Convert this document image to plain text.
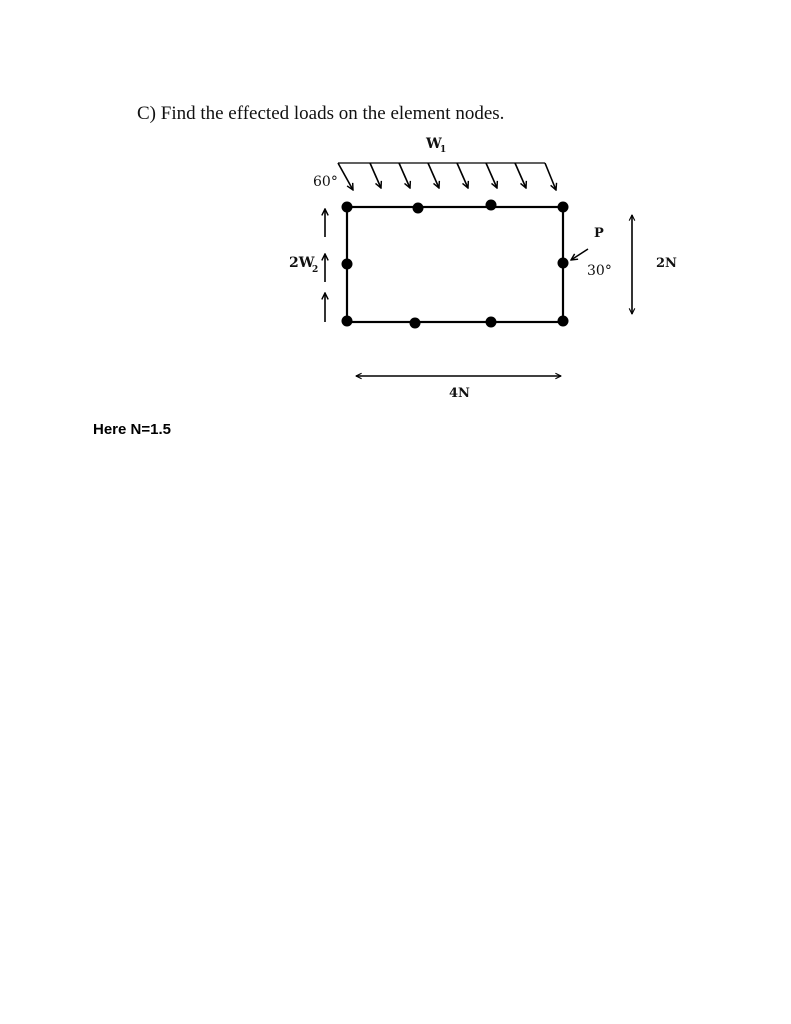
C) Find the effected loads on the element nodes.
W
1
60°
2W
2
P
30°	2N
4N
Here N=1.5
